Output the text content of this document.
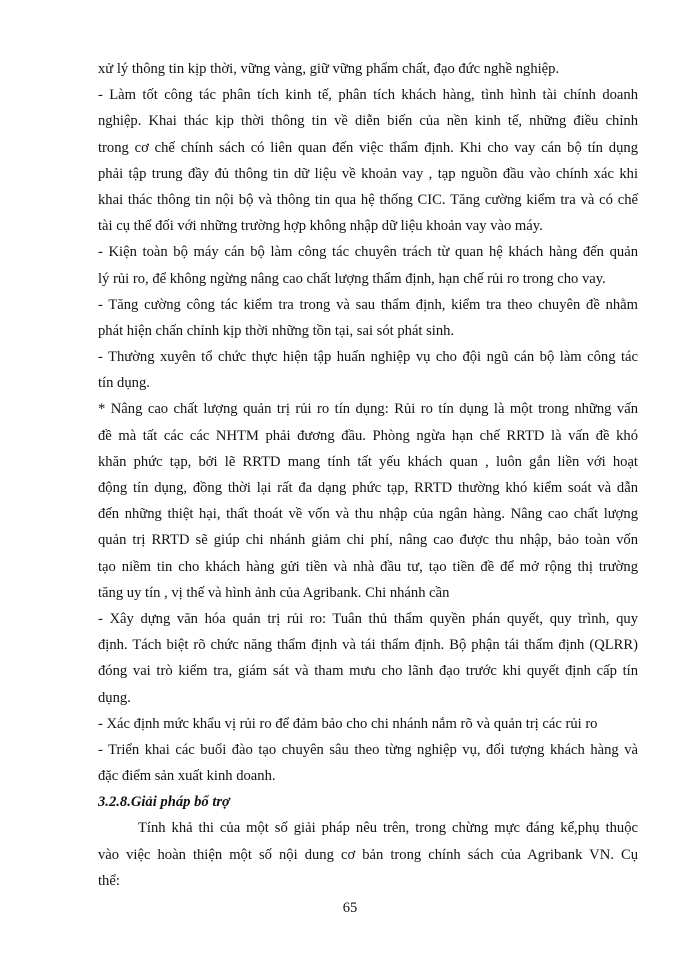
xử lý thông tin kịp thời, vững vàng, giữ vững phẩm chất, đạo đức nghề nghiệp.
- Làm tốt công tác phân tích kinh tế, phân tích khách hàng, tình hình tài chính doanh
nghiệp. Khai thác kịp thời thông tin về diễn biến của nền kinh tế, những điều chỉnh
trong cơ chế chính sách có liên quan đến việc thẩm định. Khi cho vay cán bộ tín dụng
phải tập trung đầy đủ thông tin dữ liệu về khoản vay , tạp nguồn đầu vào chính xác khi
khai thác thông tin nội bộ và thông tin qua hệ thống CIC. Tăng cường kiểm tra và có chế
tài cụ thể đối với những trường hợp không nhập dữ liệu khoản vay vào máy.
- Kiện toàn bộ máy cán bộ làm công tác chuyên trách từ quan hệ khách hàng đến quản
lý rủi ro, để không ngừng nâng cao chất lượng thẩm định, hạn chế rủi ro trong cho vay.
- Tăng cường công tác kiểm tra trong và sau thẩm định, kiểm tra theo chuyên đề nhằm
phát hiện chấn chỉnh kịp thời những tồn tại, sai sót phát sinh.
- Thường xuyên tổ chức thực hiện tập huấn nghiệp vụ cho đội ngũ cán bộ làm công tác
tín dụng.
* Nâng cao chất lượng quản trị rủi ro tín dụng: Rủi ro tín dụng là một trong những vấn
đề mà tất các các NHTM phải đương đầu. Phòng ngừa hạn chế RRTD là vấn đề khó
khăn phức tạp, bởi lẽ RRTD mang tính tất yếu khách quan , luôn gắn liền với hoạt
động tín dụng, đồng thời lại rất đa dạng phức tạp, RRTD thường khó kiểm soát và dẫn
đến những thiệt hại, thất thoát về vốn và thu nhập của ngân hàng. Nâng cao chất lượng
quản trị RRTD sẽ giúp chi nhánh giảm chi phí, nâng cao được thu nhập, bảo toàn vốn
tạo niềm tin cho khách hàng gửi tiền và nhà đầu tư, tạo tiền đề để mở rộng thị trường
tăng uy tín , vị thế và hình ảnh của Agribank. Chi nhánh cần
- Xây dựng văn hóa quản trị rủi ro: Tuân thủ thẩm quyền phán quyết, quy trình, quy
định. Tách biệt rõ chức năng thẩm định và tái thẩm định. Bộ phận tái thẩm định (QLRR)
đóng vai trò kiểm tra, giám sát và tham mưu cho lãnh đạo trước khi quyết định cấp tín
dụng.
- Xác định mức khẩu vị rủi ro để đảm bảo cho chi nhánh nắm rõ và quản trị các rủi ro
- Triển khai các buổi đào tạo chuyên sâu theo từng nghiệp vụ, đối tượng khách hàng và
đặc điểm sản xuất kinh doanh.
3.2.8.Giải pháp bổ trợ
Tính khả thi của một số giải pháp nêu trên, trong chừng mực đáng kể,phụ thuộc
vào việc hoàn thiện một số nội dung cơ bản trong chính sách của Agribank VN. Cụ
thể:
65
